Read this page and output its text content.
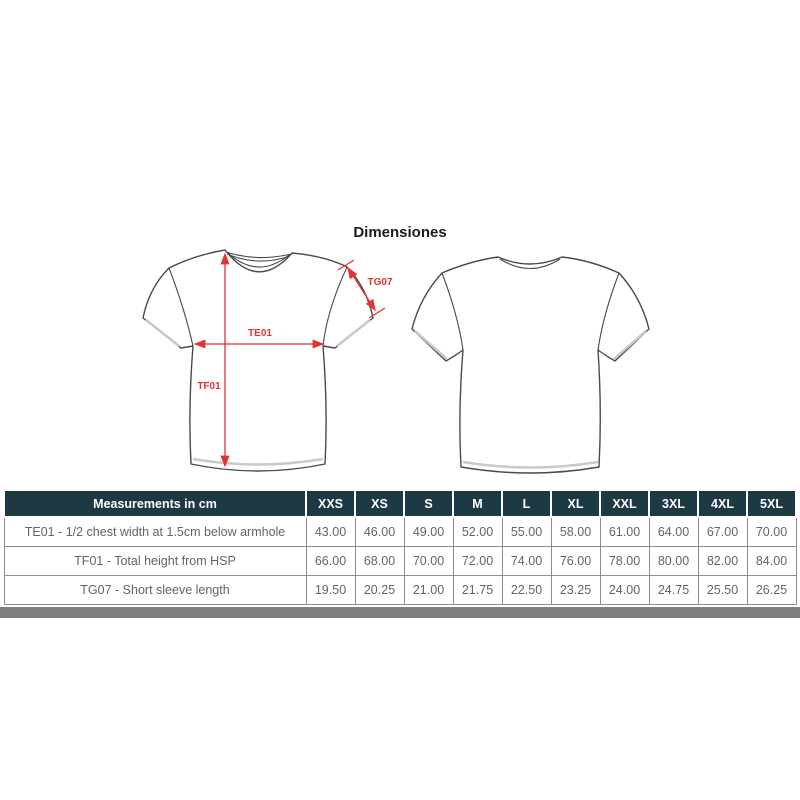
Dimensiones
TE01
TF01
TG07
Measurements in cm	XXS	XS	S	M	L	XL	XXL	3XL	4XL	5XL
TE01 - 1/2 chest width at 1.5cm below armhole	43.00	46.00	49.00	52.00	55.00	58.00	61.00	64.00	67.00	70.00
TF01 - Total height from HSP	66.00	68.00	70.00	72.00	74.00	76.00	78.00	80.00	82.00	84.00
TG07 - Short sleeve length	19.50	20.25	21.00	21.75	22.50	23.25	24.00	24.75	25.50	26.25
